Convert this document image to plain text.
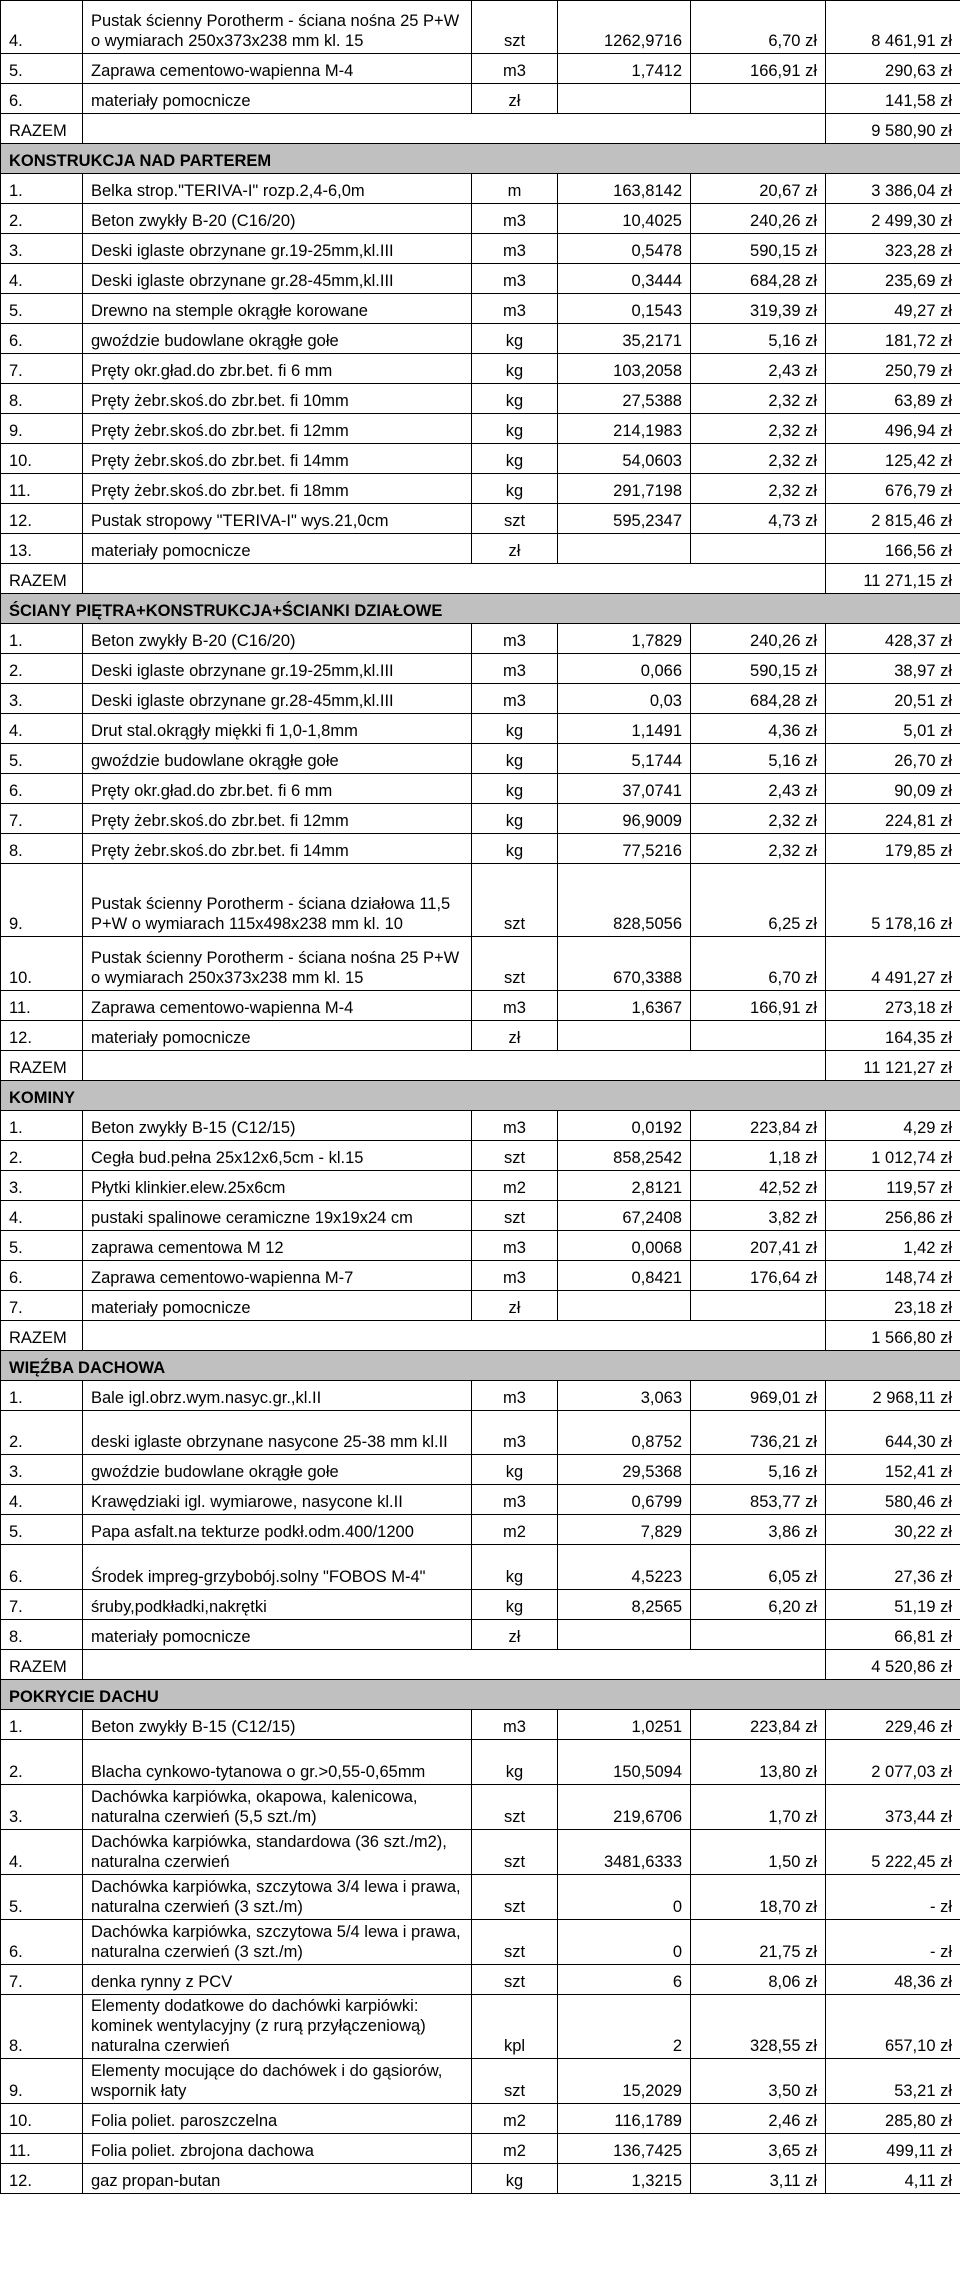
4.	Pustak ścienny Porotherm - ściana nośna 25 P+W o wymiarach 250x373x238 mm kl. 15	szt	1262,9716	6,70 zł	8 461,91 zł
5.	Zaprawa cementowo-wapienna M-4	m3	1,7412	166,91 zł	290,63 zł
6.	materiały pomocnicze	zł			141,58 zł
RAZEM					9 580,90 zł
KONSTRUKCJA NAD PARTEREM					
1.	Belka strop."TERIVA-I" rozp.2,4-6,0m	m	163,8142	20,67 zł	3 386,04 zł
2.	Beton zwykły B-20 (C16/20)	m3	10,4025	240,26 zł	2 499,30 zł
3.	Deski iglaste obrzynane gr.19-25mm,kl.III	m3	0,5478	590,15 zł	323,28 zł
4.	Deski iglaste obrzynane gr.28-45mm,kl.III	m3	0,3444	684,28 zł	235,69 zł
5.	Drewno na stemple okrągłe korowane	m3	0,1543	319,39 zł	49,27 zł
6.	gwoździe budowlane okrągłe gołe	kg	35,2171	5,16 zł	181,72 zł
7.	Pręty okr.gład.do zbr.bet. fi 6 mm	kg	103,2058	2,43 zł	250,79 zł
8.	Pręty żebr.skoś.do zbr.bet. fi 10mm	kg	27,5388	2,32 zł	63,89 zł
9.	Pręty żebr.skoś.do zbr.bet. fi 12mm	kg	214,1983	2,32 zł	496,94 zł
10.	Pręty żebr.skoś.do zbr.bet. fi 14mm	kg	54,0603	2,32 zł	125,42 zł
11.	Pręty żebr.skoś.do zbr.bet. fi 18mm	kg	291,7198	2,32 zł	676,79 zł
12.	Pustak stropowy "TERIVA-I" wys.21,0cm	szt	595,2347	4,73 zł	2 815,46 zł
13.	materiały pomocnicze	zł			166,56 zł
RAZEM					11 271,15 zł
ŚCIANY PIĘTRA+KONSTRUKCJA+ŚCIANKI DZIAŁOWE					
1.	Beton zwykły B-20 (C16/20)	m3	1,7829	240,26 zł	428,37 zł
2.	Deski iglaste obrzynane gr.19-25mm,kl.III	m3	0,066	590,15 zł	38,97 zł
3.	Deski iglaste obrzynane gr.28-45mm,kl.III	m3	0,03	684,28 zł	20,51 zł
4.	Drut stal.okrągły miękki fi 1,0-1,8mm	kg	1,1491	4,36 zł	5,01 zł
5.	gwoździe budowlane okrągłe gołe	kg	5,1744	5,16 zł	26,70 zł
6.	Pręty okr.gład.do zbr.bet. fi 6 mm	kg	37,0741	2,43 zł	90,09 zł
7.	Pręty żebr.skoś.do zbr.bet. fi 12mm	kg	96,9009	2,32 zł	224,81 zł
8.	Pręty żebr.skoś.do zbr.bet. fi 14mm	kg	77,5216	2,32 zł	179,85 zł
9.	Pustak ścienny Porotherm - ściana działowa 11,5 P+W o wymiarach 115x498x238 mm kl. 10	szt	828,5056	6,25 zł	5 178,16 zł
10.	Pustak ścienny Porotherm - ściana nośna 25 P+W o wymiarach 250x373x238 mm kl. 15	szt	670,3388	6,70 zł	4 491,27 zł
11.	Zaprawa cementowo-wapienna M-4	m3	1,6367	166,91 zł	273,18 zł
12.	materiały pomocnicze	zł			164,35 zł
RAZEM					11 121,27 zł
KOMINY					
1.	Beton zwykły B-15 (C12/15)	m3	0,0192	223,84 zł	4,29 zł
2.	Cegła bud.pełna 25x12x6,5cm - kl.15	szt	858,2542	1,18 zł	1 012,74 zł
3.	Płytki klinkier.elew.25x6cm	m2	2,8121	42,52 zł	119,57 zł
4.	pustaki spalinowe ceramiczne 19x19x24 cm	szt	67,2408	3,82 zł	256,86 zł
5.	zaprawa cementowa M 12	m3	0,0068	207,41 zł	1,42 zł
6.	Zaprawa cementowo-wapienna M-7	m3	0,8421	176,64 zł	148,74 zł
7.	materiały pomocnicze	zł			23,18 zł
RAZEM					1 566,80 zł
WIĘŹBA DACHOWA					
1.	Bale igl.obrz.wym.nasyc.gr.,kl.II	m3	3,063	969,01 zł	2 968,11 zł
2.	deski iglaste obrzynane nasycone 25-38 mm kl.II	m3	0,8752	736,21 zł	644,30 zł
3.	gwoździe budowlane okrągłe gołe	kg	29,5368	5,16 zł	152,41 zł
4.	Krawędziaki igl. wymiarowe, nasycone kl.II	m3	0,6799	853,77 zł	580,46 zł
5.	Papa asfalt.na tekturze podkł.odm.400/1200	m2	7,829	3,86 zł	30,22 zł
6.	Środek impreg-grzybobój.solny "FOBOS M-4"	kg	4,5223	6,05 zł	27,36 zł
7.	śruby,podkładki,nakrętki	kg	8,2565	6,20 zł	51,19 zł
8.	materiały pomocnicze	zł			66,81 zł
RAZEM					4 520,86 zł
POKRYCIE DACHU					
1.	Beton zwykły B-15 (C12/15)	m3	1,0251	223,84 zł	229,46 zł
2.	Blacha cynkowo-tytanowa o gr.>0,55-0,65mm	kg	150,5094	13,80 zł	2 077,03 zł
3.	Dachówka karpiówka, okapowa, kalenicowa, naturalna czerwień (5,5 szt./m)	szt	219,6706	1,70 zł	373,44 zł
4.	Dachówka karpiówka, standardowa (36 szt./m2), naturalna czerwień	szt	3481,6333	1,50 zł	5 222,45 zł
5.	Dachówka karpiówka, szczytowa 3/4 lewa i prawa, naturalna czerwień (3 szt./m)	szt	0	18,70 zł	- zł
6.	Dachówka karpiówka, szczytowa 5/4 lewa i prawa, naturalna czerwień (3 szt./m)	szt	0	21,75 zł	- zł
7.	denka rynny z PCV	szt	6	8,06 zł	48,36 zł
8.	Elementy dodatkowe do dachówki karpiówki: kominek wentylacyjny (z rurą przyłączeniową) naturalna czerwień	kpl	2	328,55 zł	657,10 zł
9.	Elementy mocujące do dachówek i do gąsiorów, wspornik łaty	szt	15,2029	3,50 zł	53,21 zł
10.	Folia poliet. paroszczelna	m2	116,1789	2,46 zł	285,80 zł
11.	Folia poliet. zbrojona dachowa	m2	136,7425	3,65 zł	499,11 zł
12.	gaz propan-butan	kg	1,3215	3,11 zł	4,11 zł
